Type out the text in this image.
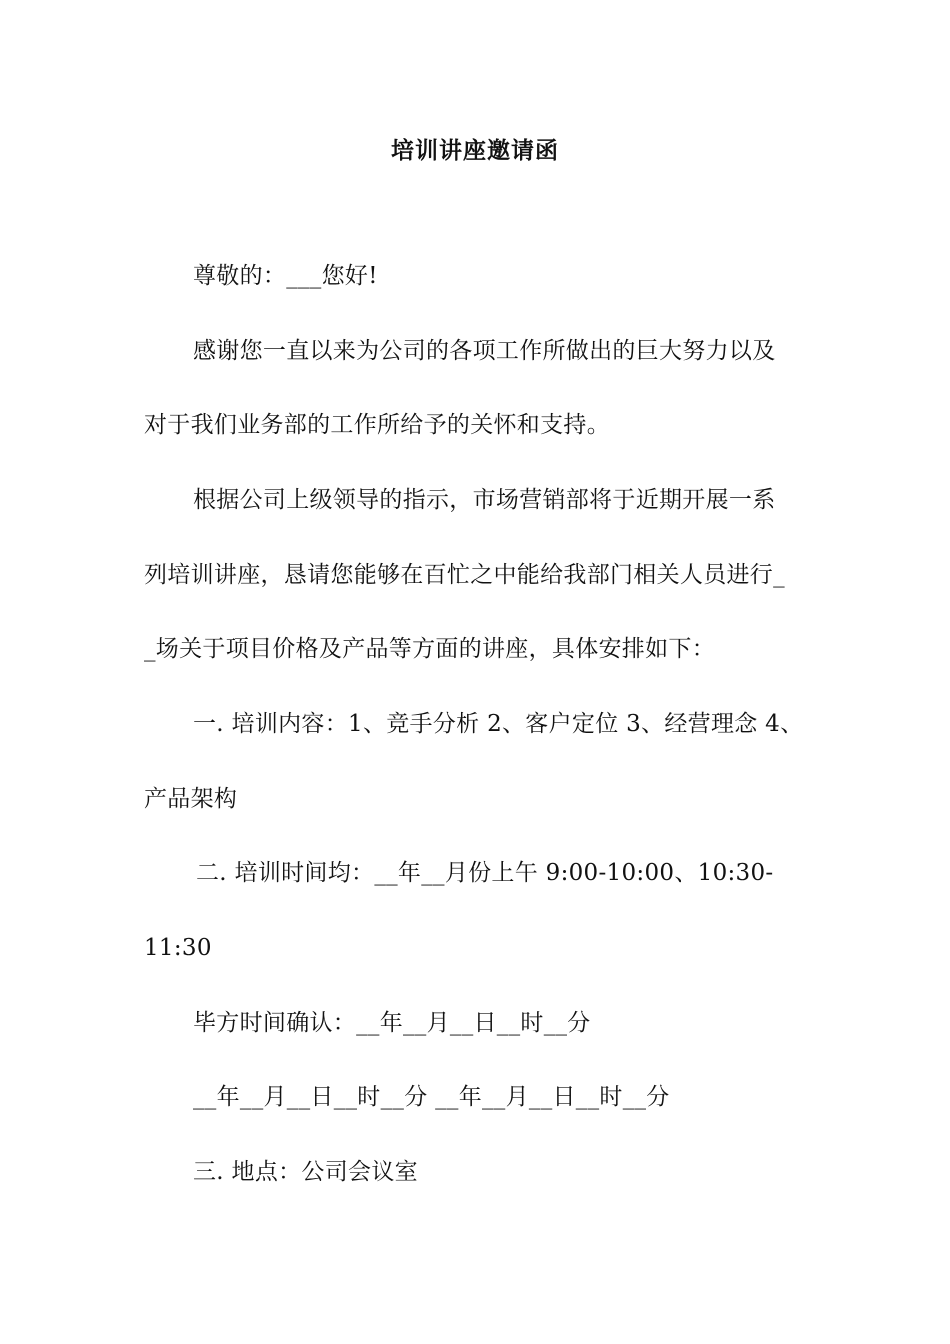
培训讲座邀请函
尊敬的：___您好!
感谢您一直以来为公司的各项工作所做出的巨大努力以及
对于我们业务部的工作所给予的关怀和支持。
根据公司上级领导的指示，市场营销部将于近期开展一系
列培训讲座，恳请您能够在百忙之中能给我部门相关人员进行_
_场关于项目价格及产品等方面的讲座，具体安排如下：
一. 培训内容：1、竞手分析 2、客户定位 3、经营理念 4、
产品架构
二. 培训时间均：__年__月份上午 9:00-10:00、10:30-
11:30
毕方时间确认：__年__月__日__时__分
__年__月__日__时__分 __年__月__日__时__分
三. 地点：公司会议室
